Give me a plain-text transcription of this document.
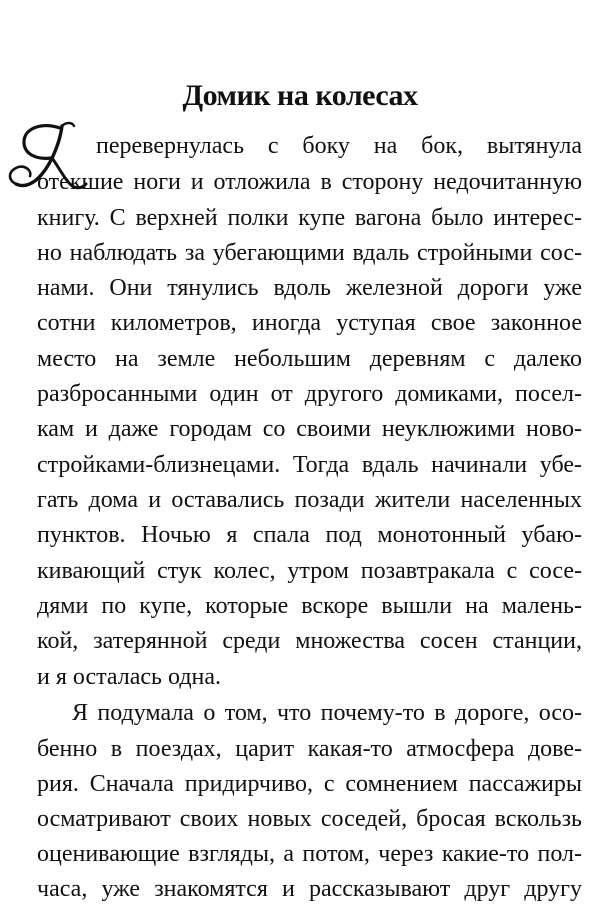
Домик на колесах
перевернулась с боку на бок, вытянула
отекшие ноги и отложила в сторону недочитанную
книгу. С верхней полки купе вагона было интерес-
но наблюдать за убегающими вдаль стройными сос-
нами. Они тянулись вдоль железной дороги уже
сотни километров, иногда уступая свое законное
место на земле небольшим деревням с далеко
разбросанными один от другого домиками, посел-
кам и даже городам со своими неуклюжими ново-
стройками-близнецами. Тогда вдаль начинали убе-
гать дома и оставались позади жители населенных
пунктов. Ночью я спала под монотонный убаю-
кивающий стук колес, утром позавтракала с сосе-
дями по купе, которые вскоре вышли на малень-
кой, затерянной среди множества сосен станции,
и я осталась одна.
Я подумала о том, что почему-то в дороге, осо-
бенно в поездах, царит какая-то атмосфера дове-
рия. Сначала придирчиво, с сомнением пассажиры
осматривают своих новых соседей, бросая вскользь
оценивающие взгляды, а потом, через какие-то пол-
часа, уже знакомятся и рассказывают друг другу
